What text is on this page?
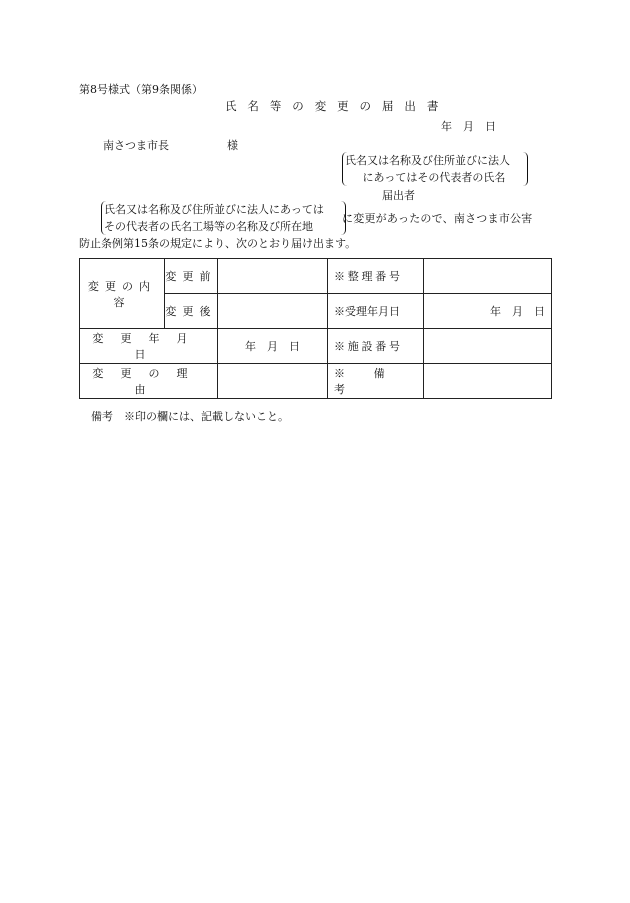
第8号様式（第9条関係）
氏名等の変更の届出書
年　月　日
南さつま市長	様
氏名又は名称及び住所並びに法人
にあってはその代表者の氏名
届出者
氏名又は名称及び住所並びに法人にあっては
その代表者の氏名工場等の名称及び所在地
に変更があったので、南さつま市公害
防止条例第15条の規定により、次のとおり届け出ます。
変更の内容	変更前		※整理番号	
	変更後		※受理年月日	年　月　日
変更年月日		年　月　日	※施設番号	
変更の理由			※備考	
備考　※印の欄には、記載しないこと。
